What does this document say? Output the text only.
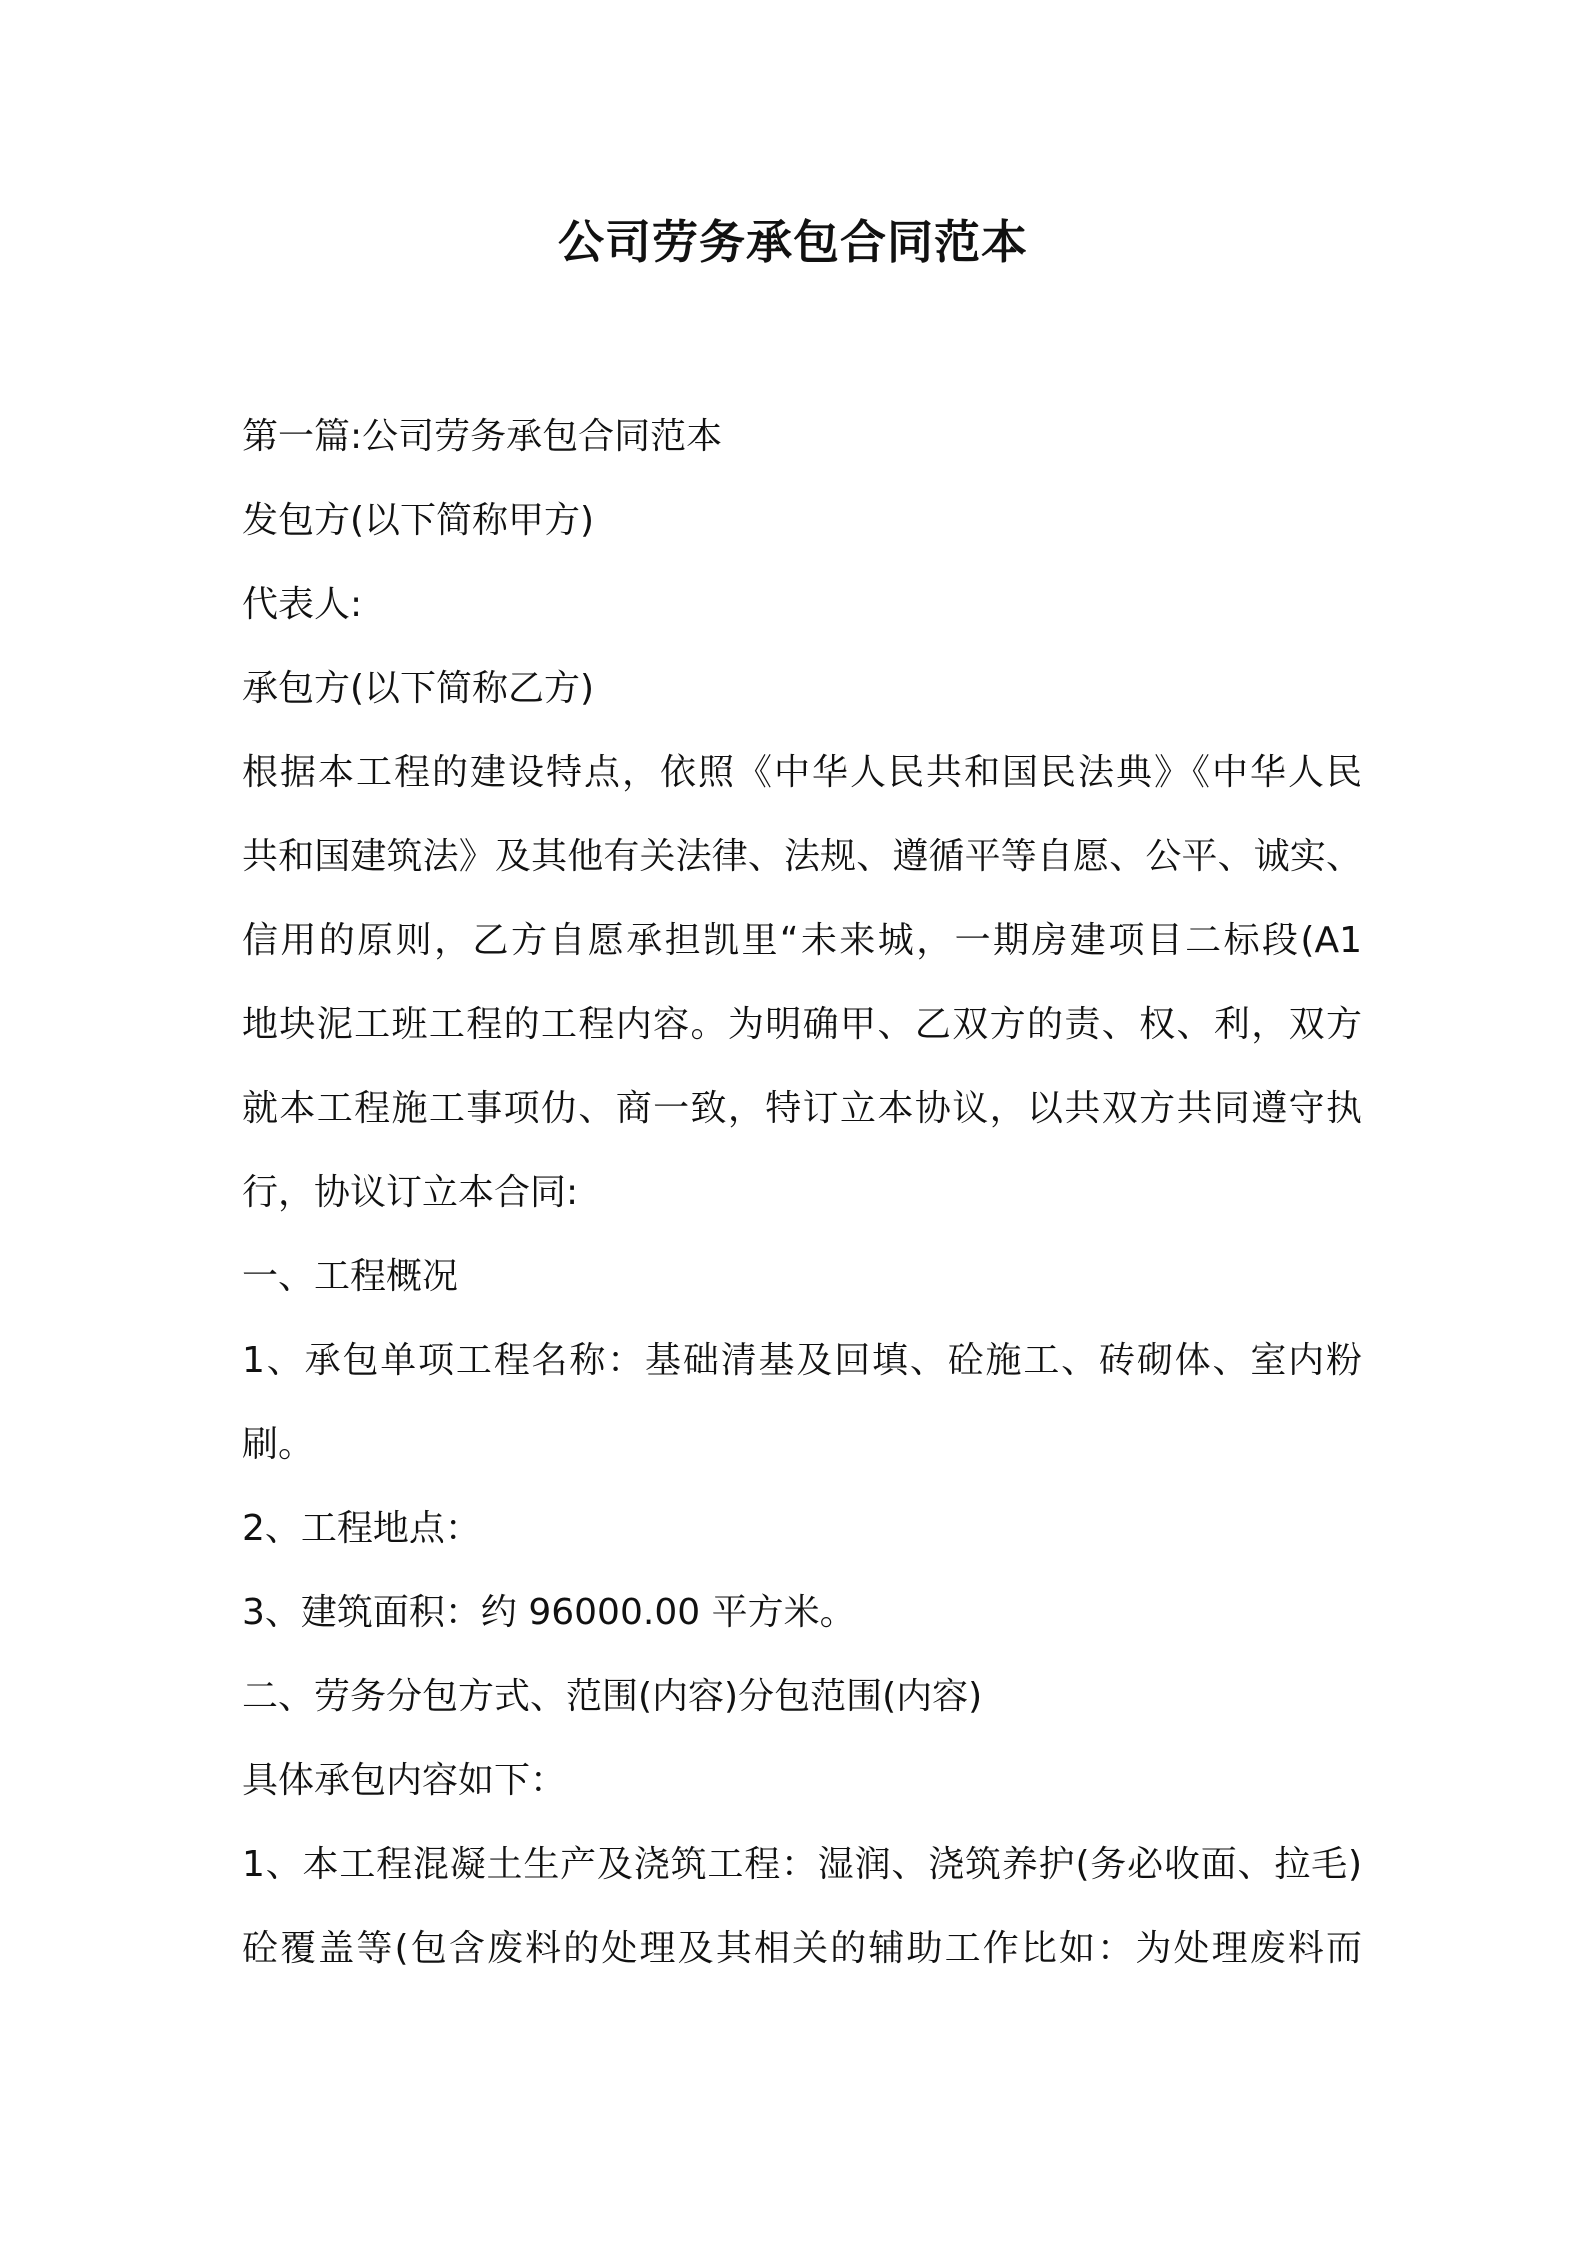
公司劳务承包合同范本
第一篇:公司劳务承包合同范本
发包方(以下简称甲方)
代表人:
承包方(以下简称乙方)
根据本工程的建设特点，依照《中华人民共和国民法典》《中华人民
共和国建筑法》及其他有关法律、法规、遵循平等自愿、公平、诚实、
信用的原则，乙方自愿承担凯里“未来城，一期房建项目二标段(A1
地块泥工班工程的工程内容。为明确甲、乙双方的责、权、利，双方
就本工程施工事项仂、商一致，特订立本协议，以共双方共同遵守执
行，协议订立本合同:
一、工程概况
1、承包单项工程名称：基础清基及回填、砼施工、砖砌体、室内粉
刷。
2、工程地点：
3、建筑面积：约 96000.00 平方米。
二、劳务分包方式、范围(内容)分包范围(内容)
具体承包内容如下：
1、本工程混凝土生产及浇筑工程：湿润、浇筑养护(务必收面、拉毛)
砼覆盖等(包含废料的处理及其相关的辅助工作比如：为处理废料而
